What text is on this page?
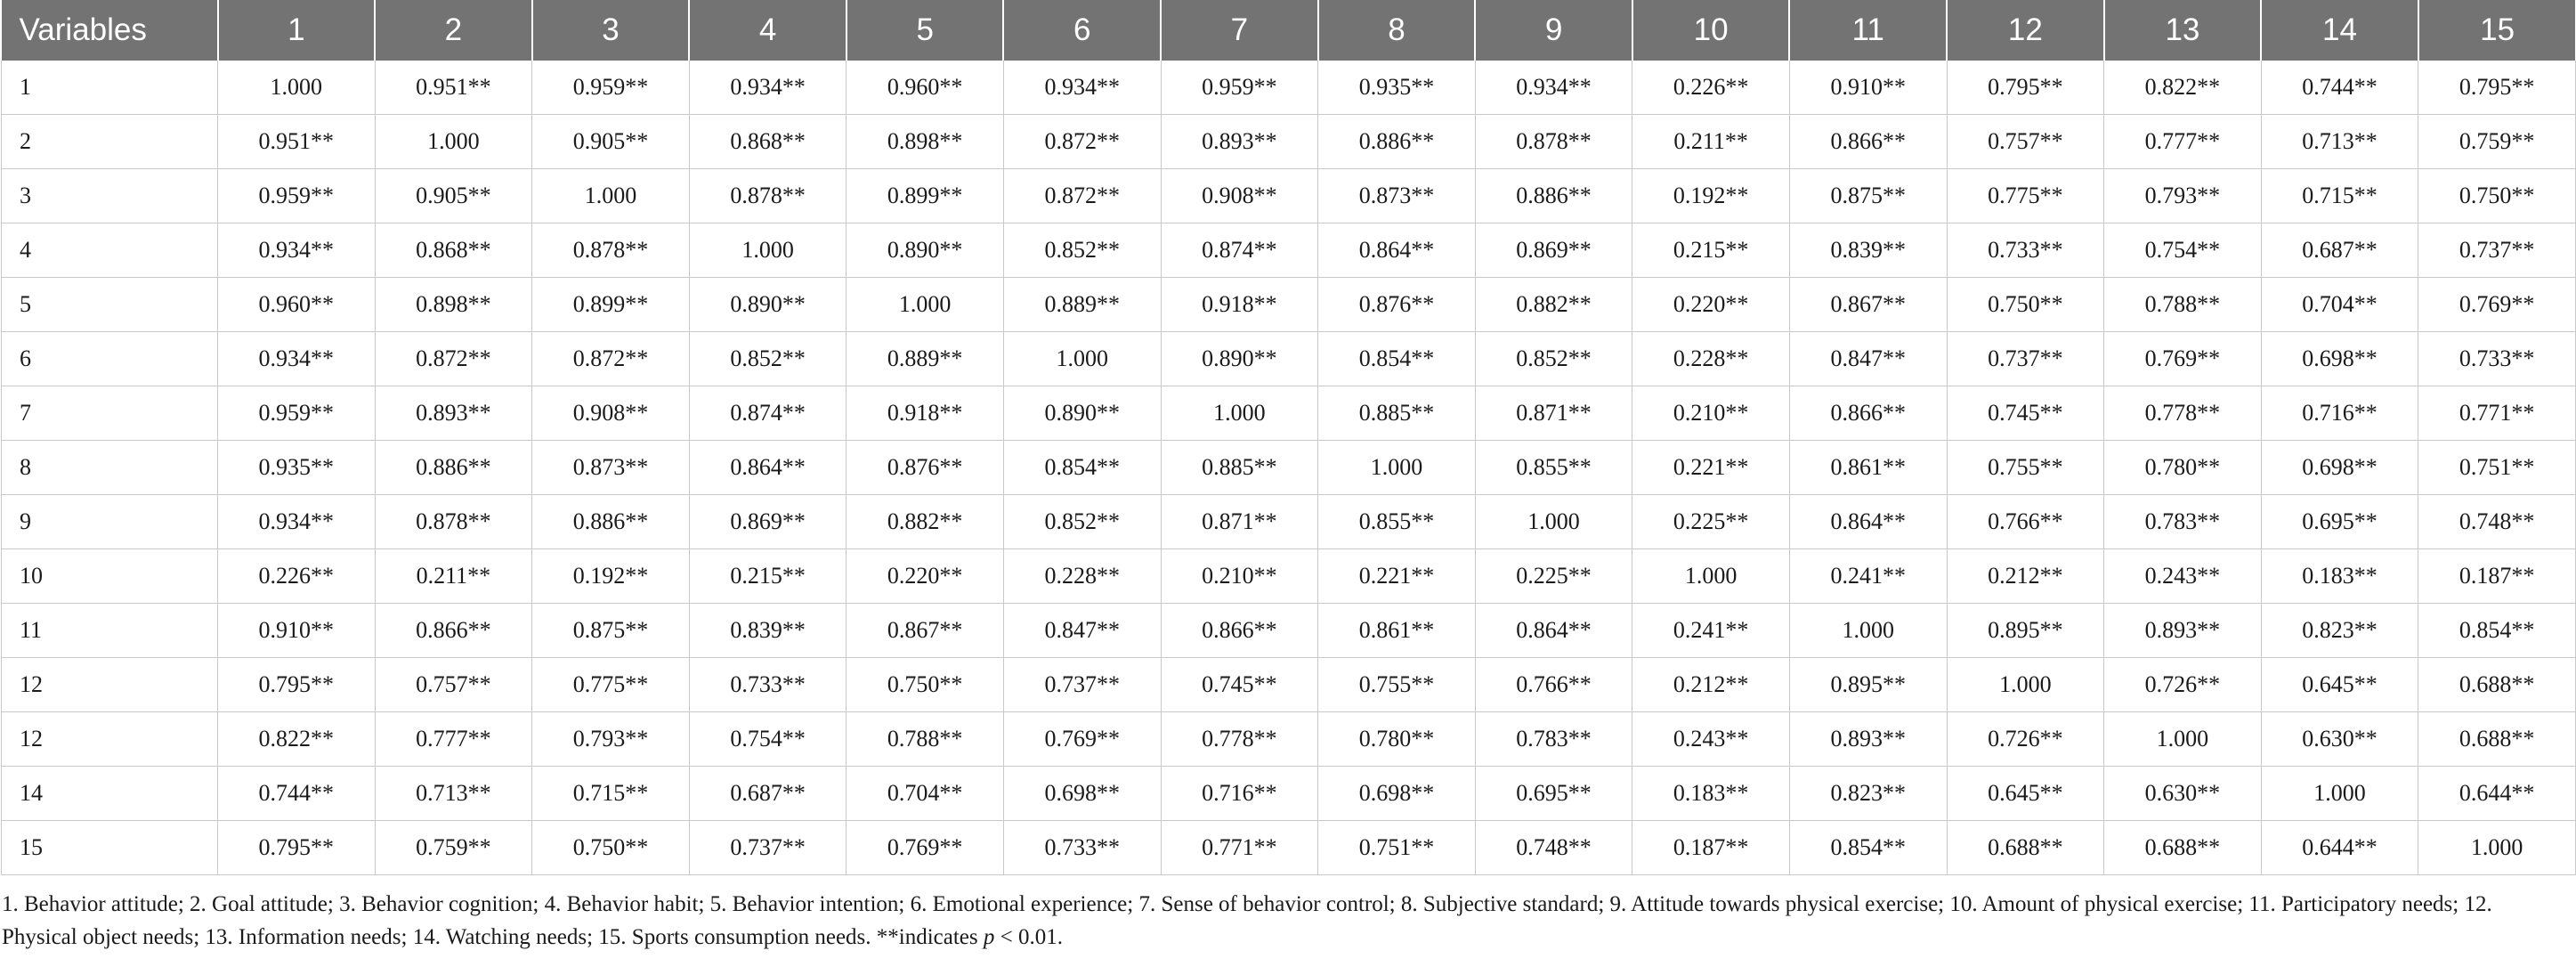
Variables	1	2	3	4	5	6	7	8	9	10	11	12	13	14	15
1	1.000	0.951**	0.959**	0.934**	0.960**	0.934**	0.959**	0.935**	0.934**	0.226**	0.910**	0.795**	0.822**	0.744**	0.795**
2	0.951**	1.000	0.905**	0.868**	0.898**	0.872**	0.893**	0.886**	0.878**	0.211**	0.866**	0.757**	0.777**	0.713**	0.759**
3	0.959**	0.905**	1.000	0.878**	0.899**	0.872**	0.908**	0.873**	0.886**	0.192**	0.875**	0.775**	0.793**	0.715**	0.750**
4	0.934**	0.868**	0.878**	1.000	0.890**	0.852**	0.874**	0.864**	0.869**	0.215**	0.839**	0.733**	0.754**	0.687**	0.737**
5	0.960**	0.898**	0.899**	0.890**	1.000	0.889**	0.918**	0.876**	0.882**	0.220**	0.867**	0.750**	0.788**	0.704**	0.769**
6	0.934**	0.872**	0.872**	0.852**	0.889**	1.000	0.890**	0.854**	0.852**	0.228**	0.847**	0.737**	0.769**	0.698**	0.733**
7	0.959**	0.893**	0.908**	0.874**	0.918**	0.890**	1.000	0.885**	0.871**	0.210**	0.866**	0.745**	0.778**	0.716**	0.771**
8	0.935**	0.886**	0.873**	0.864**	0.876**	0.854**	0.885**	1.000	0.855**	0.221**	0.861**	0.755**	0.780**	0.698**	0.751**
9	0.934**	0.878**	0.886**	0.869**	0.882**	0.852**	0.871**	0.855**	1.000	0.225**	0.864**	0.766**	0.783**	0.695**	0.748**
10	0.226**	0.211**	0.192**	0.215**	0.220**	0.228**	0.210**	0.221**	0.225**	1.000	0.241**	0.212**	0.243**	0.183**	0.187**
11	0.910**	0.866**	0.875**	0.839**	0.867**	0.847**	0.866**	0.861**	0.864**	0.241**	1.000	0.895**	0.893**	0.823**	0.854**
12	0.795**	0.757**	0.775**	0.733**	0.750**	0.737**	0.745**	0.755**	0.766**	0.212**	0.895**	1.000	0.726**	0.645**	0.688**
12	0.822**	0.777**	0.793**	0.754**	0.788**	0.769**	0.778**	0.780**	0.783**	0.243**	0.893**	0.726**	1.000	0.630**	0.688**
14	0.744**	0.713**	0.715**	0.687**	0.704**	0.698**	0.716**	0.698**	0.695**	0.183**	0.823**	0.645**	0.630**	1.000	0.644**
15	0.795**	0.759**	0.750**	0.737**	0.769**	0.733**	0.771**	0.751**	0.748**	0.187**	0.854**	0.688**	0.688**	0.644**	1.000
1. Behavior attitude; 2. Goal attitude; 3. Behavior cognition; 4. Behavior habit; 5. Behavior intention; 6. Emotional experience; 7. Sense of behavior control; 8. Subjective standard; 9. Attitude towards physical exercise; 10. Amount of physical exercise; 11. Participatory needs; 12. Physical object needs; 13. Information needs; 14. Watching needs; 15. Sports consumption needs. **indicates p < 0.01.
